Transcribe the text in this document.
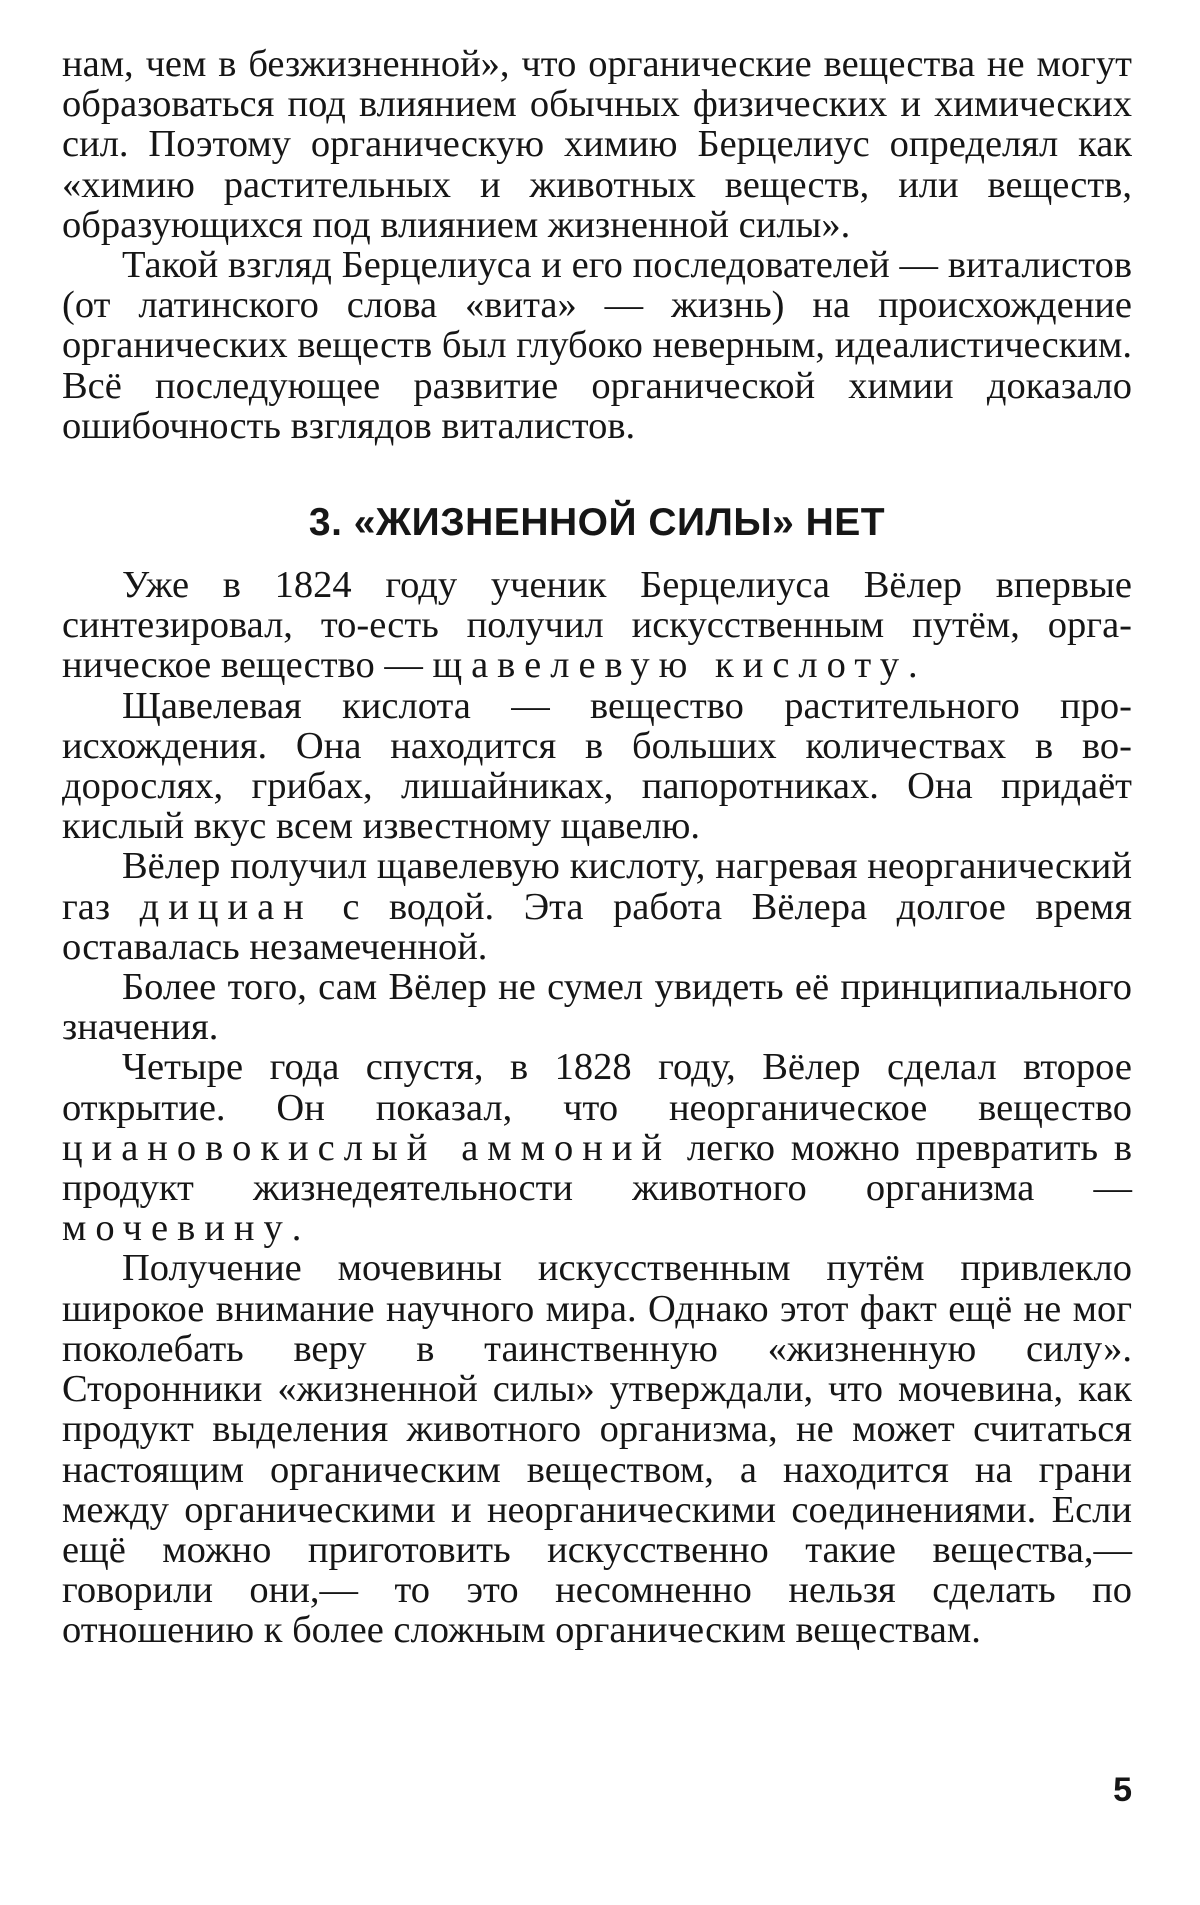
нам, чем в безжизненной», что органические вещества не могут образоваться под влиянием обычных физических и химических сил. Поэтому органическую химию Берцелиус определял как «химию растительных и животных веществ, или веществ, образующихся под влиянием жизненной силы».

Такой взгляд Берцелиуса и его последователей — виталистов (от латинского слова «вита» — жизнь) на происхождение органических веществ был глубоко неверным, идеалистическим. Всё последующее развитие органической химии доказало ошибочность взглядов виталистов.

3. «ЖИЗНЕННОЙ СИЛЫ» НЕТ

Уже в 1824 году ученик Берцелиуса Вёлер впервые синтезировал, то-есть получил искусственным путём, органическое вещество — щавелевую кислоту.

Щавелевая кислота — вещество растительного происхождения. Она находится в больших количествах в водорослях, грибах, лишайниках, папоротниках. Она придаёт кислый вкус всем известному щавелю.

Вёлер получил щавелевую кислоту, нагревая неорганический газ дициан с водой. Эта работа Вёлера долгое время оставалась незамеченной.

Более того, сам Вёлер не сумел увидеть её принципиального значения.

Четыре года спустя, в 1828 году, Вёлер сделал второе открытие. Он показал, что неорганическое вещество циановокислый аммоний легко можно превратить в продукт жизнедеятельности животного организма — мочевину.

Получение мочевины искусственным путём привлекло широкое внимание научного мира. Однако этот факт ещё не мог поколебать веру в таинственную «жизненную силу». Сторонники «жизненной силы» утверждали, что мочевина, как продукт выделения животного организма, не может считаться настоящим органическим веществом, а находится на грани между органическими и неорганическими соединениями. Если ещё можно приготовить искусственно такие вещества,— говорили они,— то это несомненно нельзя сделать по отношению к более сложным органическим веществам.

5
